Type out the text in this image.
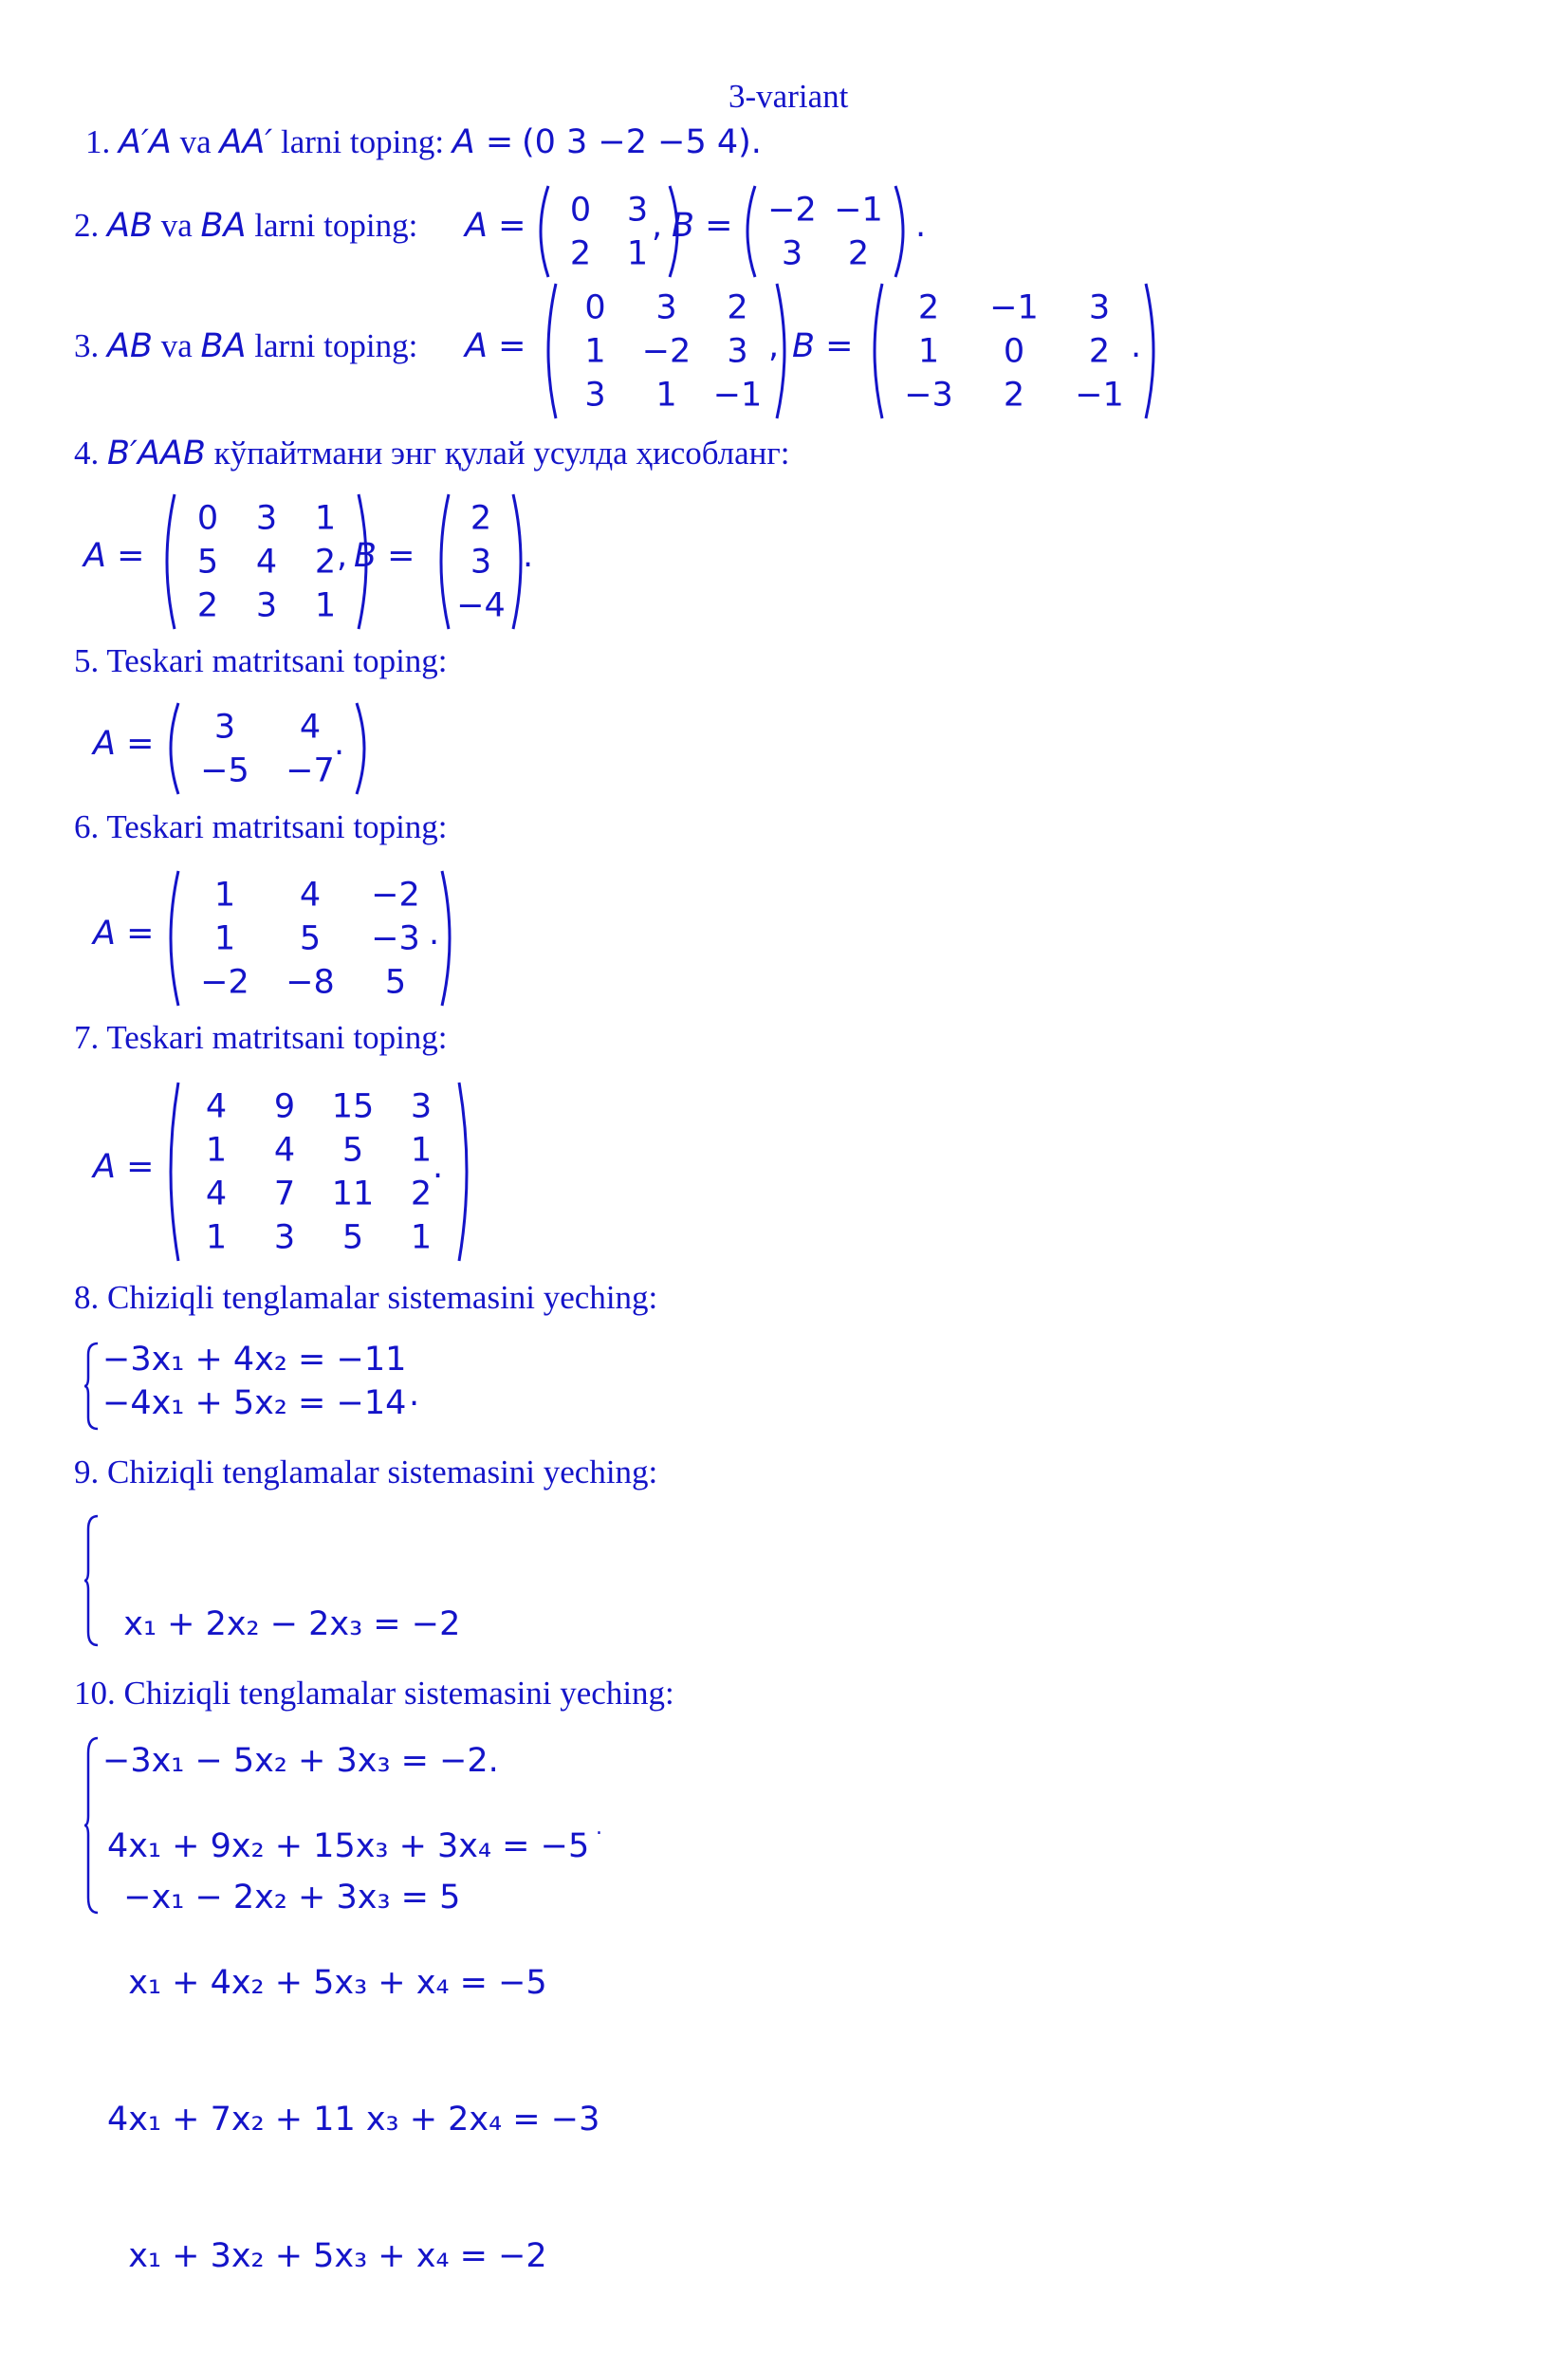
3-variant
1. A′A va AA′ larni toping: A = (0 3 −2 −5 4).
2. AB va BA larni toping: A = 0 3
2 1
, B = −2 −1
3 2
.
3. AB va BA larni toping: A =
0 3 2
1 −2 3
3 1 −1
, B =
2 −1 3
1 0 2
−3 2 −1
.
4. B′AAB кўпайтмани энг қулай усулда ҳисобланг:
A =
0 3 1
5 4 2
2 3 1
, B =
2
3
−4
.
5. Teskari matritsani toping:
A = 3 4
−5 −7
.
6. Teskari matritsani toping:
A =
1 4 −2
1 5 −3
−2 −8 5
.
7. Teskari matritsani toping:
A =
4 9 15 3
1 4 5 1
4 7 11 2
1 3 5 1
.
8. Chiziqli tenglamalar sistemasini yeching:
−3x₁ + 4x₂ = −11
−4x₁ + 5x₂ = −14 .
9. Chiziqli tenglamalar sistemasini yeching:

x₁ + 2x₂ − 2x₃ = −2

−3x₁ − 5x₂ + 3x₃ = −2.

−x₁ − 2x₂ + 3x₃ = 5

10. Chiziqli tenglamalar sistemasini yeching:

4x₁ + 9x₂ + 15x₃ + 3x₄ = −5

x₁ + 4x₂ + 5x₃ + x₄ = −5

4x₁ + 7x₂ + 11 x₃ + 2x₄ = −3

x₁ + 3x₂ + 5x₃ + x₄ = −2

.
